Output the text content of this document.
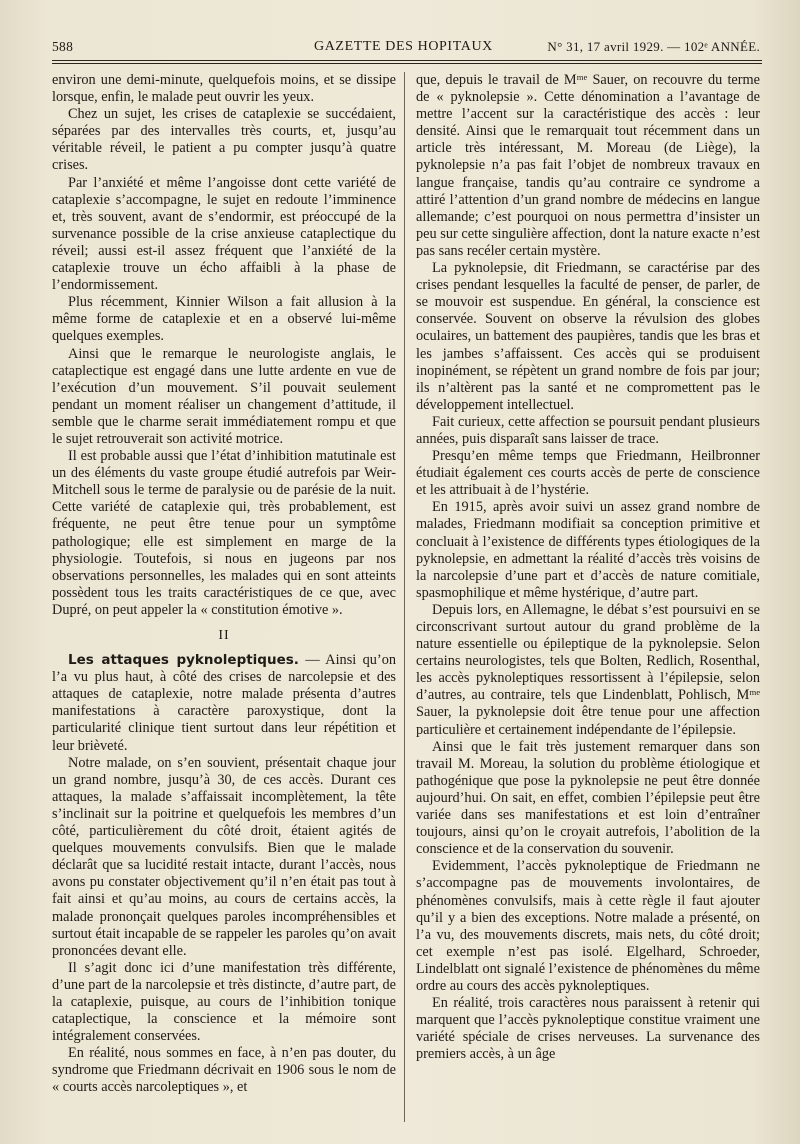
588	GAZETTE DES HOPITAUX	N° 31, 17 avril 1929. — 102ᵉ ANNÉE.

environ une demi-minute, quelquefois moins, et se dissipe lorsque, enfin, le malade peut ouvrir les yeux.

Chez un sujet, les crises de cataplexie se succédaient, séparées par des intervalles très courts, et, jusqu’au véritable réveil, le patient a pu compter jusqu’à quatre crises.

Par l’anxiété et même l’angoisse dont cette variété de cataplexie s’accompagne, le sujet en redoute l’imminence et, très souvent, avant de s’endormir, est préoccupé de la survenance possible de la crise anxieuse cataplectique du réveil; aussi est-il assez fréquent que l’anxiété de la cataplexie trouve un écho affaibli à la phase de l’endormissement.

Plus récemment, Kinnier Wilson a fait allusion à la même forme de cataplexie et en a observé lui-même quelques exemples.

Ainsi que le remarque le neurologiste anglais, le cataplectique est engagé dans une lutte ardente en vue de l’exécution d’un mouvement. S’il pouvait seulement pendant un moment réaliser un changement d’attitude, il semble que le charme serait immédiatement rompu et que le sujet retrouverait son activité motrice.

Il est probable aussi que l’état d’inhibition matutinale est un des éléments du vaste groupe étudié autrefois par Weir-Mitchell sous le terme de paralysie ou de parésie de la nuit. Cette variété de cataplexie qui, très probablement, est fréquente, ne peut être tenue pour un symptôme pathologique; elle est simplement en marge de la physiologie. Toutefois, si nous en jugeons par nos observations personnelles, les malades qui en sont atteints possèdent tous les traits caractéristiques de ce que, avec Dupré, on peut appeler la « constitution émotive ».

II

Les attaques pyknoleptiques. — Ainsi qu’on l’a vu plus haut, à côté des crises de narcolepsie et des attaques de cataplexie, notre malade présenta d’autres manifestations à caractère paroxystique, dont la particularité clinique tient surtout dans leur répétition et leur brièveté.

Notre malade, on s’en souvient, présentait chaque jour un grand nombre, jusqu’à 30, de ces accès. Durant ces attaques, la malade s’affaissait incomplètement, la tête s’inclinait sur la poitrine et quelquefois les membres d’un côté, particulièrement du côté droit, étaient agités de quelques mouvements convulsifs. Bien que le malade déclarât que sa lucidité restait intacte, durant l’accès, nous avons pu constater objectivement qu’il n’en était pas tout à fait ainsi et qu’au moins, au cours de certains accès, la malade prononçait quelques paroles incompréhensibles et surtout était incapable de se rappeler les paroles qu’on avait prononcées devant elle.

Il s’agit donc ici d’une manifestation très différente, d’une part de la narcolepsie et très distincte, d’autre part, de la cataplexie, puisque, au cours de l’inhibition tonique cataplectique, la conscience et la mémoire sont intégralement conservées.

En réalité, nous sommes en face, à n’en pas douter, du syndrome que Friedmann décrivait en 1906 sous le nom de « courts accès narcoleptiques », et

que, depuis le travail de Mᵐᵉ Sauer, on recouvre du terme de « pyknolepsie ». Cette dénomination a l’avantage de mettre l’accent sur la caractéristique des accès : leur densité. Ainsi que le remarquait tout récemment dans un article très intéressant, M. Moreau (de Liège), la pyknolepsie n’a pas fait l’objet de nombreux travaux en langue française, tandis qu’au contraire ce syndrome a attiré l’attention d’un grand nombre de médecins en langue allemande; c’est pourquoi on nous permettra d’insister un peu sur cette singulière affection, dont la nature exacte n’est pas sans recéler certain mystère.

La pyknolepsie, dit Friedmann, se caractérise par des crises pendant lesquelles la faculté de penser, de parler, de se mouvoir est suspendue. En général, la conscience est conservée. Souvent on observe la révulsion des globes oculaires, un battement des paupières, tandis que les bras et les jambes s’affaissent. Ces accès qui se produisent inopinément, se répètent un grand nombre de fois par jour; ils n’altèrent pas la santé et ne compromettent pas le développement intellectuel.

Fait curieux, cette affection se poursuit pendant plusieurs années, puis disparaît sans laisser de trace.

Presqu’en même temps que Friedmann, Heilbronner étudiait également ces courts accès de perte de conscience et les attribuait à de l’hystérie.

En 1915, après avoir suivi un assez grand nombre de malades, Friedmann modifiait sa conception primitive et concluait à l’existence de différents types étiologiques de la pyknolepsie, en admettant la réalité d’accès très voisins de la narcolepsie d’une part et d’accès de nature comitiale, spasmophilique et même hystérique, d’autre part.

Depuis lors, en Allemagne, le débat s’est poursuivi en se circonscrivant surtout autour du grand problème de la nature essentielle ou épileptique de la pyknolepsie. Selon certains neurologistes, tels que Bolten, Redlich, Rosenthal, les accès pyknoleptiques ressortissent à l’épilepsie, selon d’autres, au contraire, tels que Lindenblatt, Pohlisch, Mᵐᵉ Sauer, la pyknolepsie doit être tenue pour une affection particulière et certainement indépendante de l’épilepsie.

Ainsi que le fait très justement remarquer dans son travail M. Moreau, la solution du problème étiologique et pathogénique que pose la pyknolepsie ne peut être donnée aujourd’hui. On sait, en effet, combien l’épilepsie peut être variée dans ses manifestations et est loin d’entraîner toujours, ainsi qu’on le croyait autrefois, l’abolition de la conscience et de la conservation du souvenir.

Evidemment, l’accès pyknoleptique de Friedmann ne s’accompagne pas de mouvements involontaires, de phénomènes convulsifs, mais à cette règle il faut ajouter qu’il y a bien des exceptions. Notre malade a présenté, on l’a vu, des mouvements discrets, mais nets, du côté droit; cet exemple n’est pas isolé. Elgelhard, Schroeder, Lindelblatt ont signalé l’existence de phénomènes du même ordre au cours des accès pyknoleptiques.

En réalité, trois caractères nous paraissent à retenir qui marquent que l’accès pyknoleptique constitue vraiment une variété spéciale de crises nerveuses. La survenance des premiers accès, à un âge
